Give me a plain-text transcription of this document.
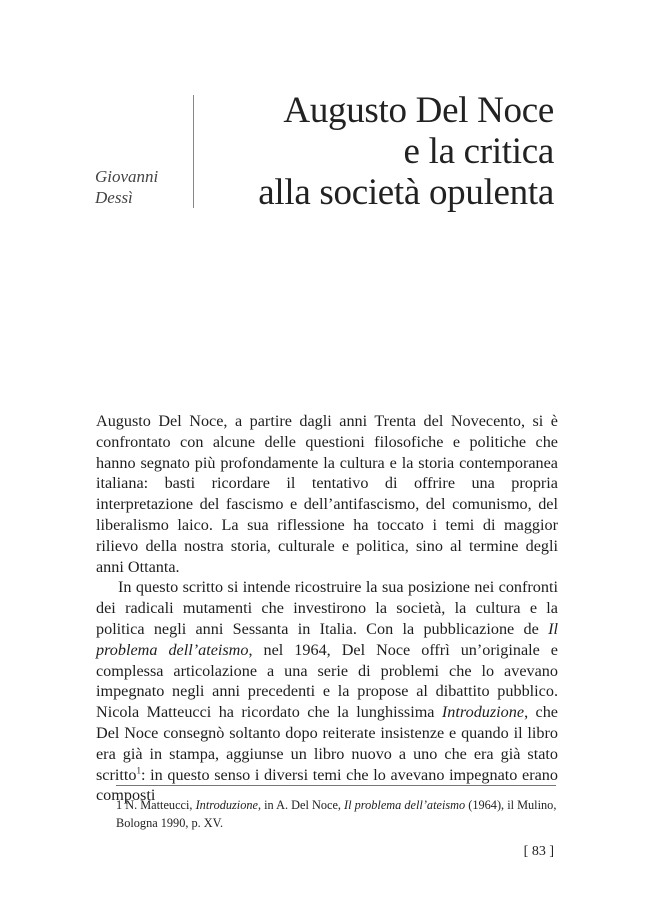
Giovanni
Dessì
Augusto Del Noce
e la critica
alla società opulenta

Augusto Del Noce, a partire dagli anni Trenta del Novecento, si è confrontato con alcune delle questioni filosofiche e politiche che hanno segnato più profondamente la cultura e la storia contemporanea italiana: basti ricordare il tentativo di offrire una propria interpretazione del fascismo e dell’antifascismo, del comunismo, del liberalismo laico. La sua riflessione ha toccato i temi di maggior rilievo della nostra storia, culturale e politica, sino al termine degli anni Ottanta.

In questo scritto si intende ricostruire la sua posizione nei confronti dei radicali mutamenti che investirono la società, la cultura e la politica negli anni Sessanta in Italia. Con la pubblicazione de Il problema dell’ateismo, nel 1964, Del Noce offrì un’originale e complessa articolazione a una serie di problemi che lo avevano impegnato negli anni precedenti e la propose al dibattito pubblico. Nicola Matteucci ha ricordato che la lunghissima Introduzione, che Del Noce consegnò soltanto dopo reiterate insistenze e quando il libro era già in stampa, aggiunse un libro nuovo a uno che era già stato scritto$^1$: in questo senso i diversi temi che lo avevano impegnato erano composti

1 N. Matteucci, Introduzione, in A. Del Noce, Il problema dell’ateismo (1964), il Mulino, Bologna 1990, p. XV.
[ 83 ]
